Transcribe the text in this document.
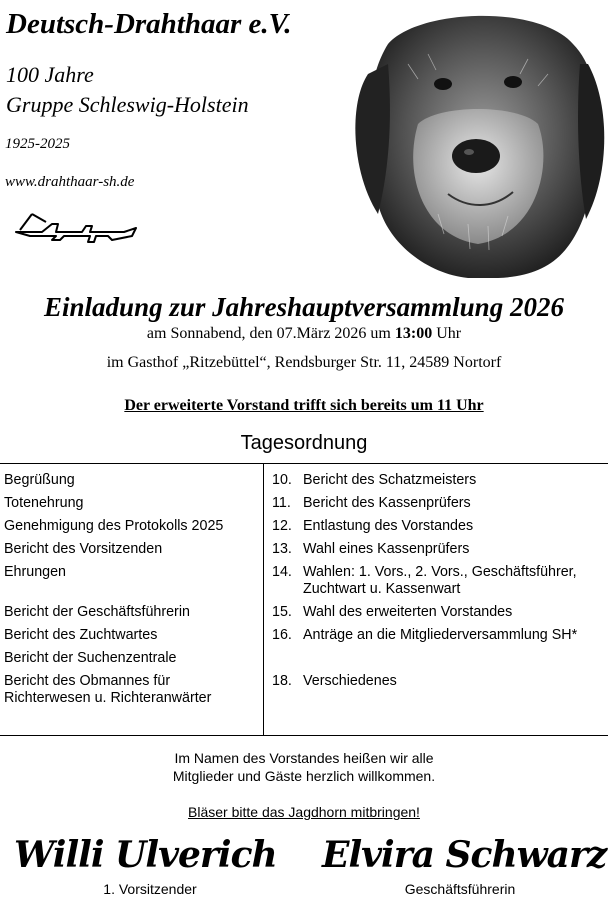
Deutsch-Drahthaar e.V.
100 Jahre
Gruppe Schleswig-Holstein
1925-2025
www.drahthaar-sh.de
Einladung zur Jahreshauptversammlung 2026
am Sonnabend, den 07.März 2026 um 13:00 Uhr
im Gasthof „Ritzebüttel“, Rendsburger Str. 11, 24589 Nortorf
Der erweiterte Vorstand trifft sich bereits um 11 Uhr
Tagesordnung
Begrüßung
Totenehrung
Genehmigung des Protokolls 2025
Bericht des Vorsitzenden
Ehrungen
Bericht der Geschäftsführerin
Bericht des Zuchtwartes
Bericht der Suchenzentrale
Bericht des Obmannes für
Richterwesen u. Richteranwärter
10. Bericht des Schatzmeisters
11. Bericht des Kassenprüfers
12. Entlastung des Vorstandes
13. Wahl eines Kassenprüfers
14. Wahlen: 1. Vors., 2. Vors., Geschäftsführer,
Zuchtwart u. Kassenwart
15. Wahl des erweiterten Vorstandes
16. Anträge an die Mitgliederversammlung SH*
18. Verschiedenes
Im Namen des Vorstandes heißen wir alle
Mitglieder und Gäste herzlich willkommen.
Bläser bitte das Jagdhorn mitbringen!
Willi Ulverich Elvira Schwarz
1. Vorsitzender	Geschäftsführerin
